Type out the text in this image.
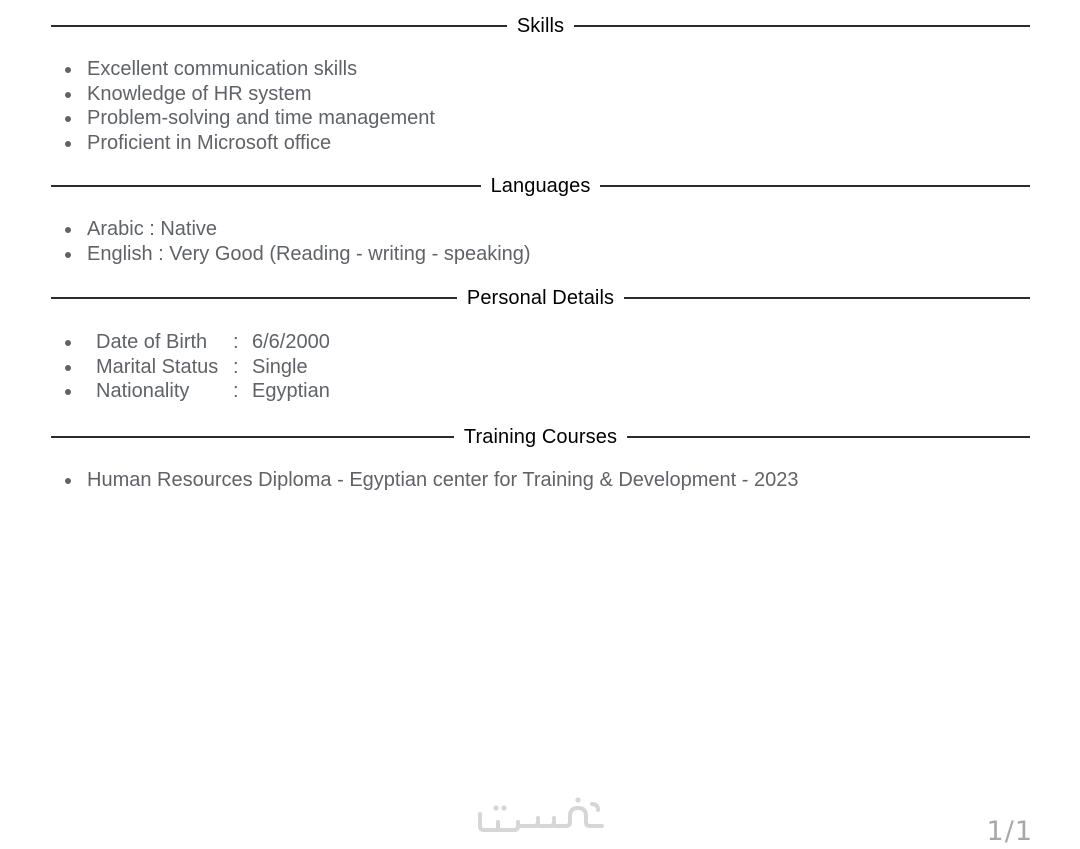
Skills
Excellent communication skills
Knowledge of HR system
Problem-solving and time management
Proficient in Microsoft office
Languages
Arabic : Native
English : Very Good (Reading - writing - speaking)
Personal Details
Date of Birth : 6/6/2000
Marital Status : Single
Nationality : Egyptian
Training Courses
Human Resources Diploma - Egyptian center for Training & Development - 2023
1/1
